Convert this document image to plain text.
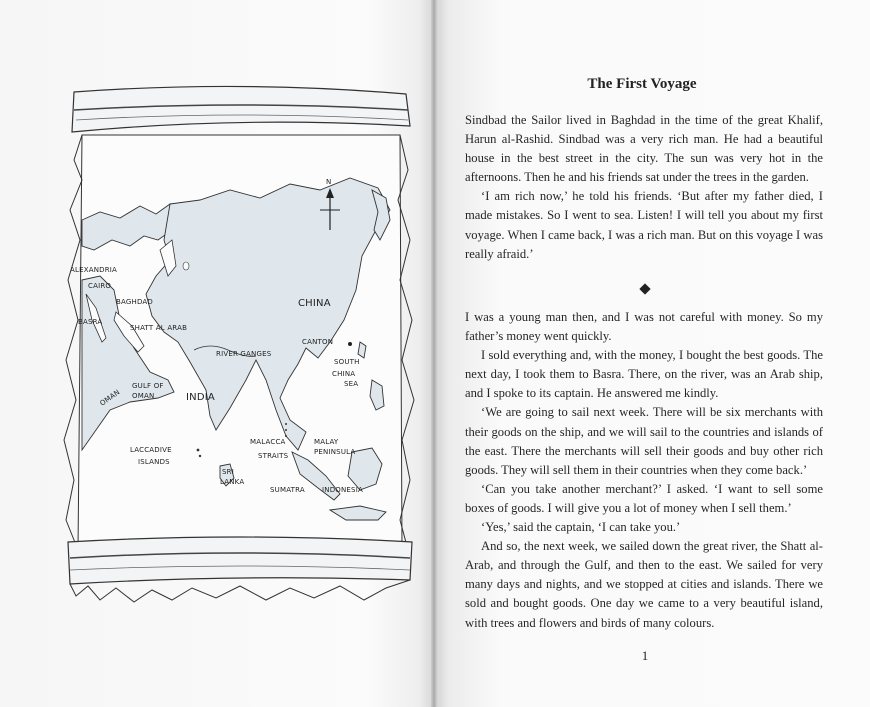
N
ALEXANDRIA
CAIRO
BAGHDAD
BASRA
SHATT AL ARAB
CHINA
CANTON
RIVER GANGES
SOUTH
CHINA
SEA
GULF OF
OMAN
OMAN	INDIA
MALACCA
STRAITS
MALAY
PENINSULA
LACCADIVE
ISLANDS
SRI
LANKA
SUMATRA INDONESIA
The First Voyage

Sindbad the Sailor lived in Baghdad in the time of the great Khalif, Harun al-Rashid. Sindbad was a very rich man. He had a beautiful house in the best street in the city. The sun was very hot in the afternoons. Then he and his friends sat under the trees in the garden.

‘I am rich now,’ he told his friends. ‘But after my father died, I made mistakes. So I went to sea. Listen! I will tell you about my first voyage. When I came back, I was a rich man. But on this voyage I was really afraid.’

I was a young man then, and I was not careful with money. So my father’s money went quickly.

I sold everything and, with the money, I bought the best goods. The next day, I took them to Basra. There, on the river, was an Arab ship, and I spoke to its captain. He answered me kindly.

‘We are going to sail next week. There will be six merchants with their goods on the ship, and we will sail to the countries and islands of the east. There the merchants will sell their goods and buy other rich goods. They will sell them in their countries when they come back.’

‘Can you take another merchant?’ I asked. ‘I want to sell some boxes of goods. I will give you a lot of money when I sell them.’

‘Yes,’ said the captain, ‘I can take you.’

And so, the next week, we sailed down the great river, the Shatt al-Arab, and through the Gulf, and then to the east. We sailed for very many days and nights, and we stopped at cities and islands. There we sold and bought goods. One day we came to a very beautiful island, with trees and flowers and birds of many colours.

1
